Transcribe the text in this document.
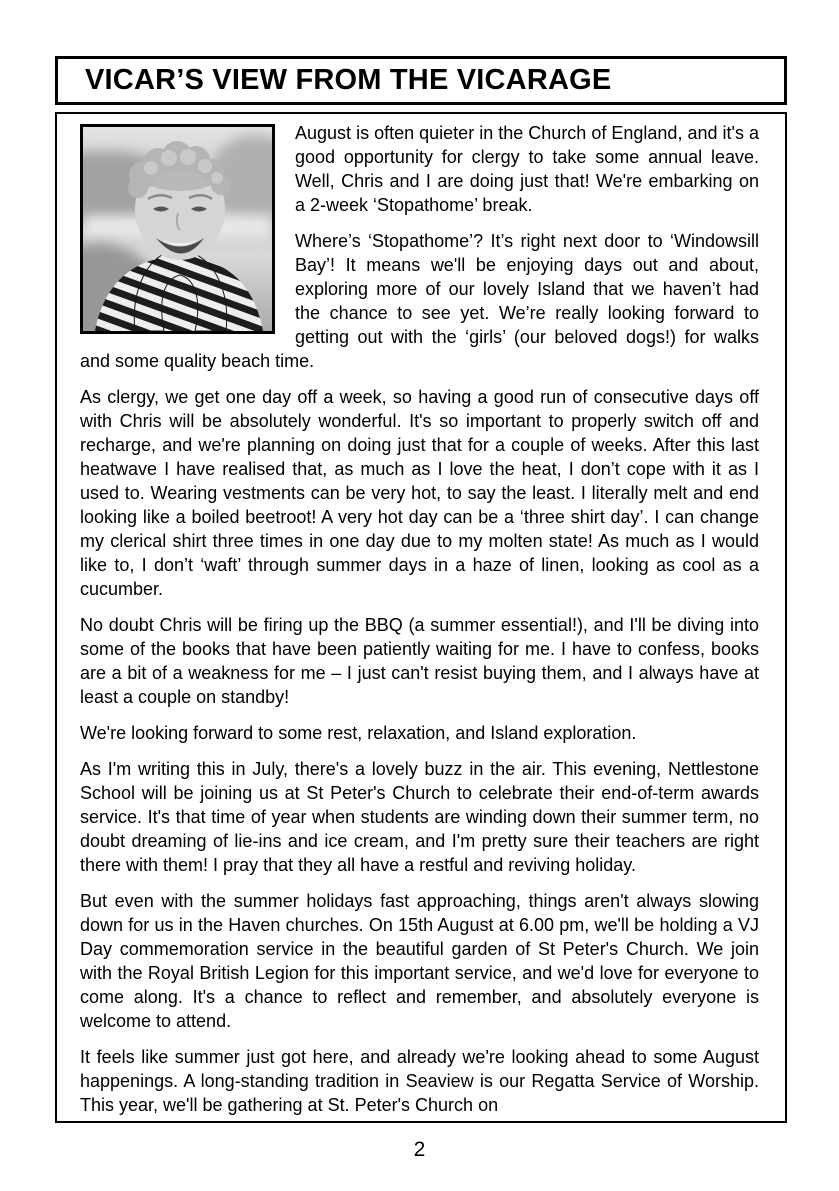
VICAR’S VIEW FROM THE VICARAGE

August is often quieter in the Church of England, and it's a good opportunity for clergy to take some annual leave. Well, Chris and I are doing just that! We're embarking on a 2-week ‘Stopathome’ break.

Where’s ‘Stopathome’? It’s right next door to ‘Windowsill Bay’! It means we'll be enjoying days out and about, exploring more of our lovely Island that we haven’t had the chance to see yet. We’re really looking forward to getting out with the ‘girls’ (our beloved dogs!) for walks and some quality beach time.

As clergy, we get one day off a week, so having a good run of consecutive days off with Chris will be absolutely wonderful. It's so important to properly switch off and recharge, and we're planning on doing just that for a couple of weeks. After this last heatwave I have realised that, as much as I love the heat, I don’t cope with it as I used to. Wearing vestments can be very hot, to say the least. I literally melt and end looking like a boiled beetroot! A very hot day can be a ‘three shirt day’. I can change my clerical shirt three times in one day due to my molten state! As much as I would like to, I don’t ‘waft’ through summer days in a haze of linen, looking as cool as a cucumber.

No doubt Chris will be firing up the BBQ (a summer essential!), and I'll be diving into some of the books that have been patiently waiting for me. I have to confess, books are a bit of a weakness for me – I just can't resist buying them, and I always have at least a couple on standby!

We're looking forward to some rest, relaxation, and Island exploration.

As I'm writing this in July, there's a lovely buzz in the air. This evening, Nettlestone School will be joining us at St Peter's Church to celebrate their end-of-term awards service. It's that time of year when students are winding down their summer term, no doubt dreaming of lie-ins and ice cream, and I'm pretty sure their teachers are right there with them! I pray that they all have a restful and reviving holiday.

But even with the summer holidays fast approaching, things aren't always slowing down for us in the Haven churches. On 15th August at 6.00 pm, we'll be holding a VJ Day commemoration service in the beautiful garden of St Peter's Church. We join with the Royal British Legion for this important service, and we'd love for everyone to come along. It's a chance to reflect and remember, and absolutely everyone is welcome to attend.

It feels like summer just got here, and already we're looking ahead to some August happenings. A long-standing tradition in Seaview is our Regatta Service of Worship. This year, we'll be gathering at St. Peter's Church on

2
